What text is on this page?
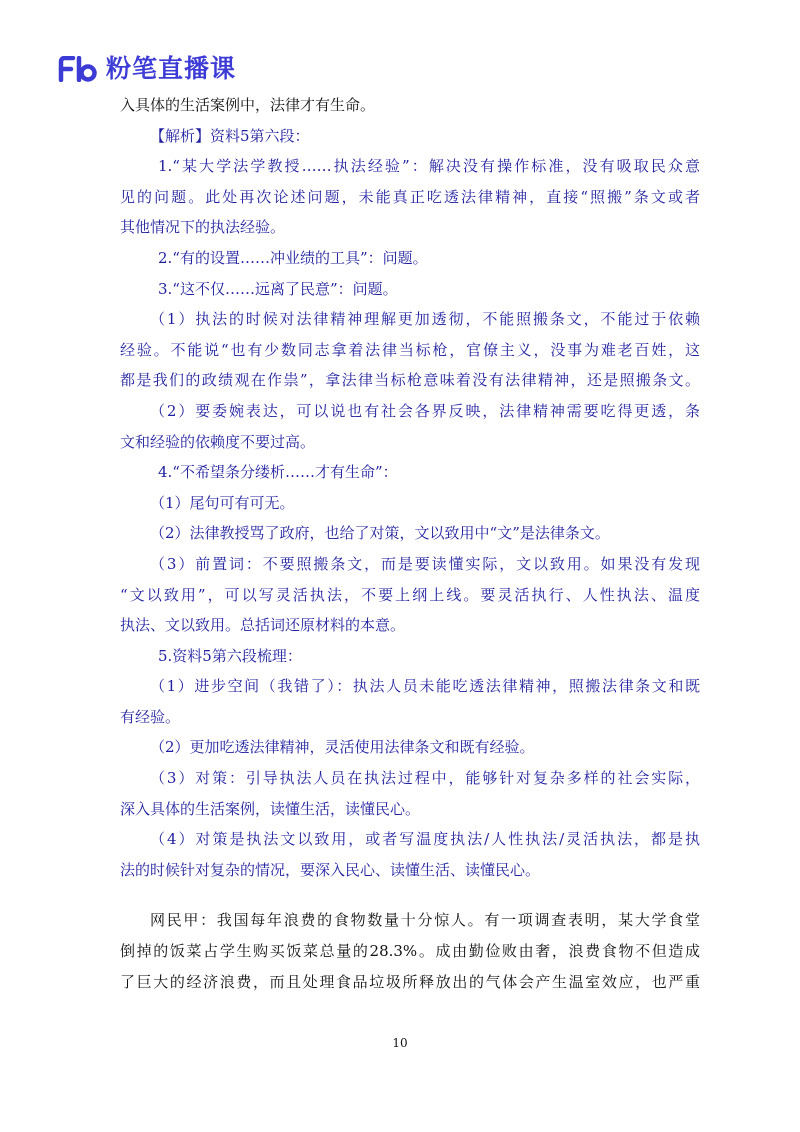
粉笔直播课
入具体的生活案例中，法律才有生命。
【解析】资料5第六段：
1.“某大学法学教授……执法经验”：解决没有操作标准，没有吸取民众意
见的问题。此处再次论述问题，未能真正吃透法律精神，直接“照搬”条文或者
其他情况下的执法经验。
2.“有的设置……冲业绩的工具”：问题。
3.“这不仅……远离了民意”：问题。
（1）执法的时候对法律精神理解更加透彻，不能照搬条文，不能过于依赖
经验。不能说“也有少数同志拿着法律当标枪，官僚主义，没事为难老百姓，这
都是我们的政绩观在作祟”，拿法律当标枪意味着没有法律精神，还是照搬条文。
（2）要委婉表达，可以说也有社会各界反映，法律精神需要吃得更透，条
文和经验的依赖度不要过高。
4.“不希望条分缕析……才有生命”：
（1）尾句可有可无。
（2）法律教授骂了政府，也给了对策，文以致用中“文”是法律条文。
（3）前置词：不要照搬条文，而是要读懂实际，文以致用。如果没有发现
“文以致用”，可以写灵活执法，不要上纲上线。要灵活执行、人性执法、温度
执法、文以致用。总括词还原材料的本意。
5.资料5第六段梳理：
（1）进步空间（我错了）：执法人员未能吃透法律精神，照搬法律条文和既
有经验。
（2）更加吃透法律精神，灵活使用法律条文和既有经验。
（3）对策：引导执法人员在执法过程中，能够针对复杂多样的社会实际，
深入具体的生活案例，读懂生活，读懂民心。
（4）对策是执法文以致用，或者写温度执法/人性执法/灵活执法，都是执
法的时候针对复杂的情况，要深入民心、读懂生活、读懂民心。
网民甲：我国每年浪费的食物数量十分惊人。有一项调查表明，某大学食堂
倒掉的饭菜占学生购买饭菜总量的28.3%。成由勤俭败由奢，浪费食物不但造成
了巨大的经济浪费，而且处理食品垃圾所释放出的气体会产生温室效应，也严重
10
